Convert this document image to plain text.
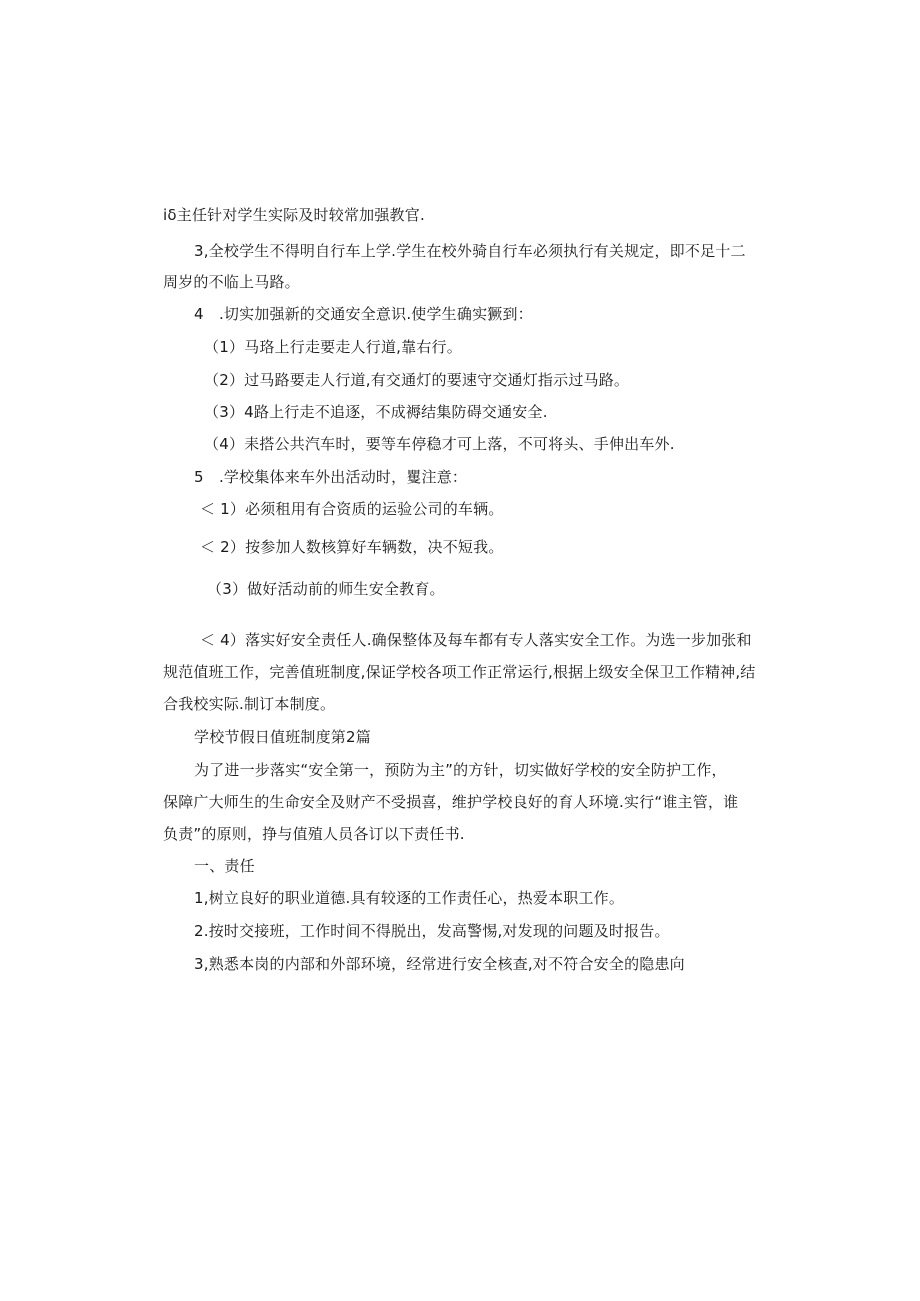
iδ主任针对学生实际及时较常加强教官.
3,全校学生不得明自行车上学.学生在校外骑自行车必须执行有关规定，即不足十二
周岁的不临上马路。
4　.切实加强新的交通安全意识.使学生确实獗到：
（1）马珞上行走要走人行道,靠右行。
（2）过马路要走人行道,有交通灯的要速守交通灯指示过马路。
（3）4路上行走不追逐，不成褥结集防碍交通安全.
（4）耒搭公共汽车时，要等车停稳才可上落，不可将头、手伸出车外.
5　.学校集体来车外出活动时，矍注意：
＜ 1）必须租用有合资质的运验公司的车辆。
＜ 2）按参加人数核算好车辆数，决不短我。
（3）做好活动前的师生安全教育。
＜ 4）落实好安全责任人.确保整体及每车都有专人落实安全工作。为选一步加张和
规范值班工作，完善值班制度,保证学校各项工作正常运行,根据上级安全保卫工作精神,结
合我校实际.制订本制度。
学校节假日值班制度第2篇
为了进一步落实“安全第一，预防为主”的方针，切实做好学校的安全防护工作，
保障广大师生的生命安全及财产不受损喜，维护学校良好的育人环境.实行“谁主管，谁
负责”的原则，挣与值殖人员各订以下责任书.
一、责任
1,树立良好的职业道德.具有较逐的工作责任心，热爱本职工作。
2.按时交接班，工作时间不得脱出，发高警惕,对发现的问题及时报告。
3,熟悉本岗的内部和外部环境，经常进行安全核查,对不符合安全的隐患向
